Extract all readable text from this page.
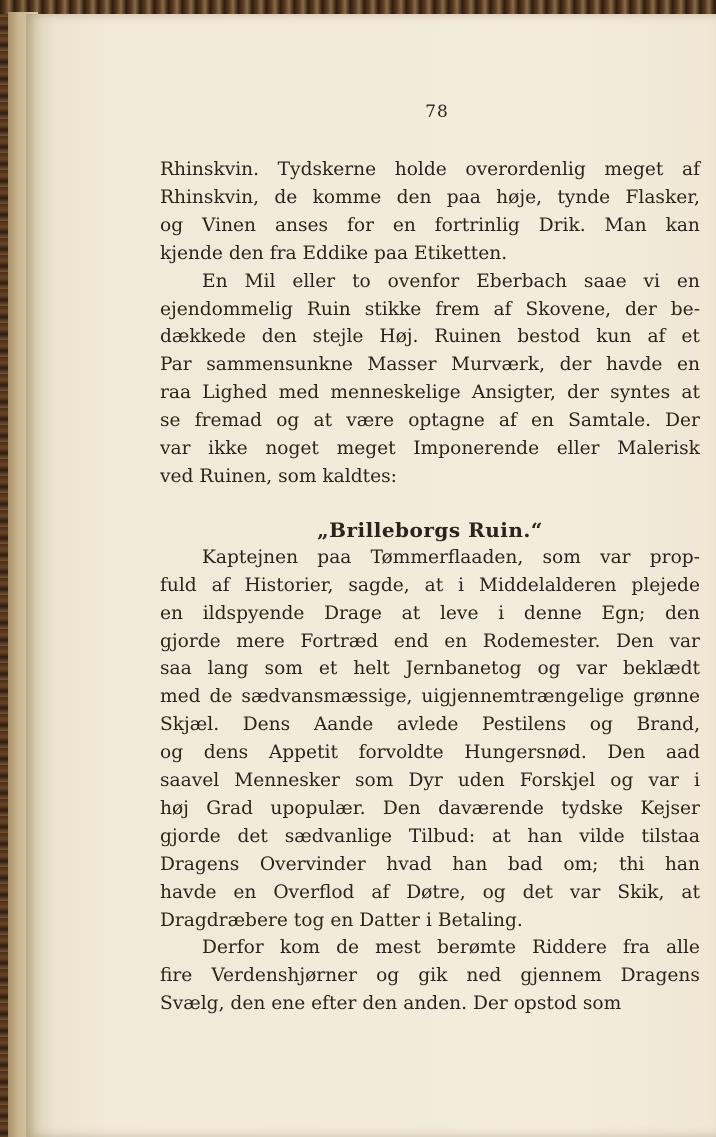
78
Rhinskvin. Tydskerne holde overordenlig meget af
Rhinskvin, de komme den paa høje, tynde Flasker,
og Vinen anses for en fortrinlig Drik. Man kan
kjende den fra Eddike paa Etiketten.
En Mil eller to ovenfor Eberbach saae vi en
ejendommelig Ruin stikke frem af Skovene, der be-
dækkede den stejle Høj. Ruinen bestod kun af et
Par sammensunkne Masser Murværk, der havde en
raa Lighed med menneskelige Ansigter, der syntes at
se fremad og at være optagne af en Samtale. Der
var ikke noget meget Imponerende eller Malerisk
ved Ruinen, som kaldtes:
„Brilleborgs Ruin.“
Kaptejnen paa Tømmerflaaden, som var prop-
fuld af Historier, sagde, at i Middelalderen plejede
en ildspyende Drage at leve i denne Egn; den
gjorde mere Fortræd end en Rodemester. Den var
saa lang som et helt Jernbanetog og var beklædt
med de sædvansmæssige, uigjennemtrængelige grønne
Skjæl. Dens Aande avlede Pestilens og Brand,
og dens Appetit forvoldte Hungersnød. Den aad
saavel Mennesker som Dyr uden Forskjel og var i
høj Grad upopulær. Den daværende tydske Kejser
gjorde det sædvanlige Tilbud: at han vilde tilstaa
Dragens Overvinder hvad han bad om; thi han
havde en Overflod af Døtre, og det var Skik, at
Dragdræbere tog en Datter i Betaling.
Derfor kom de mest berømte Riddere fra alle
fire Verdenshjørner og gik ned gjennem Dragens
Svælg, den ene efter den anden. Der opstod som
